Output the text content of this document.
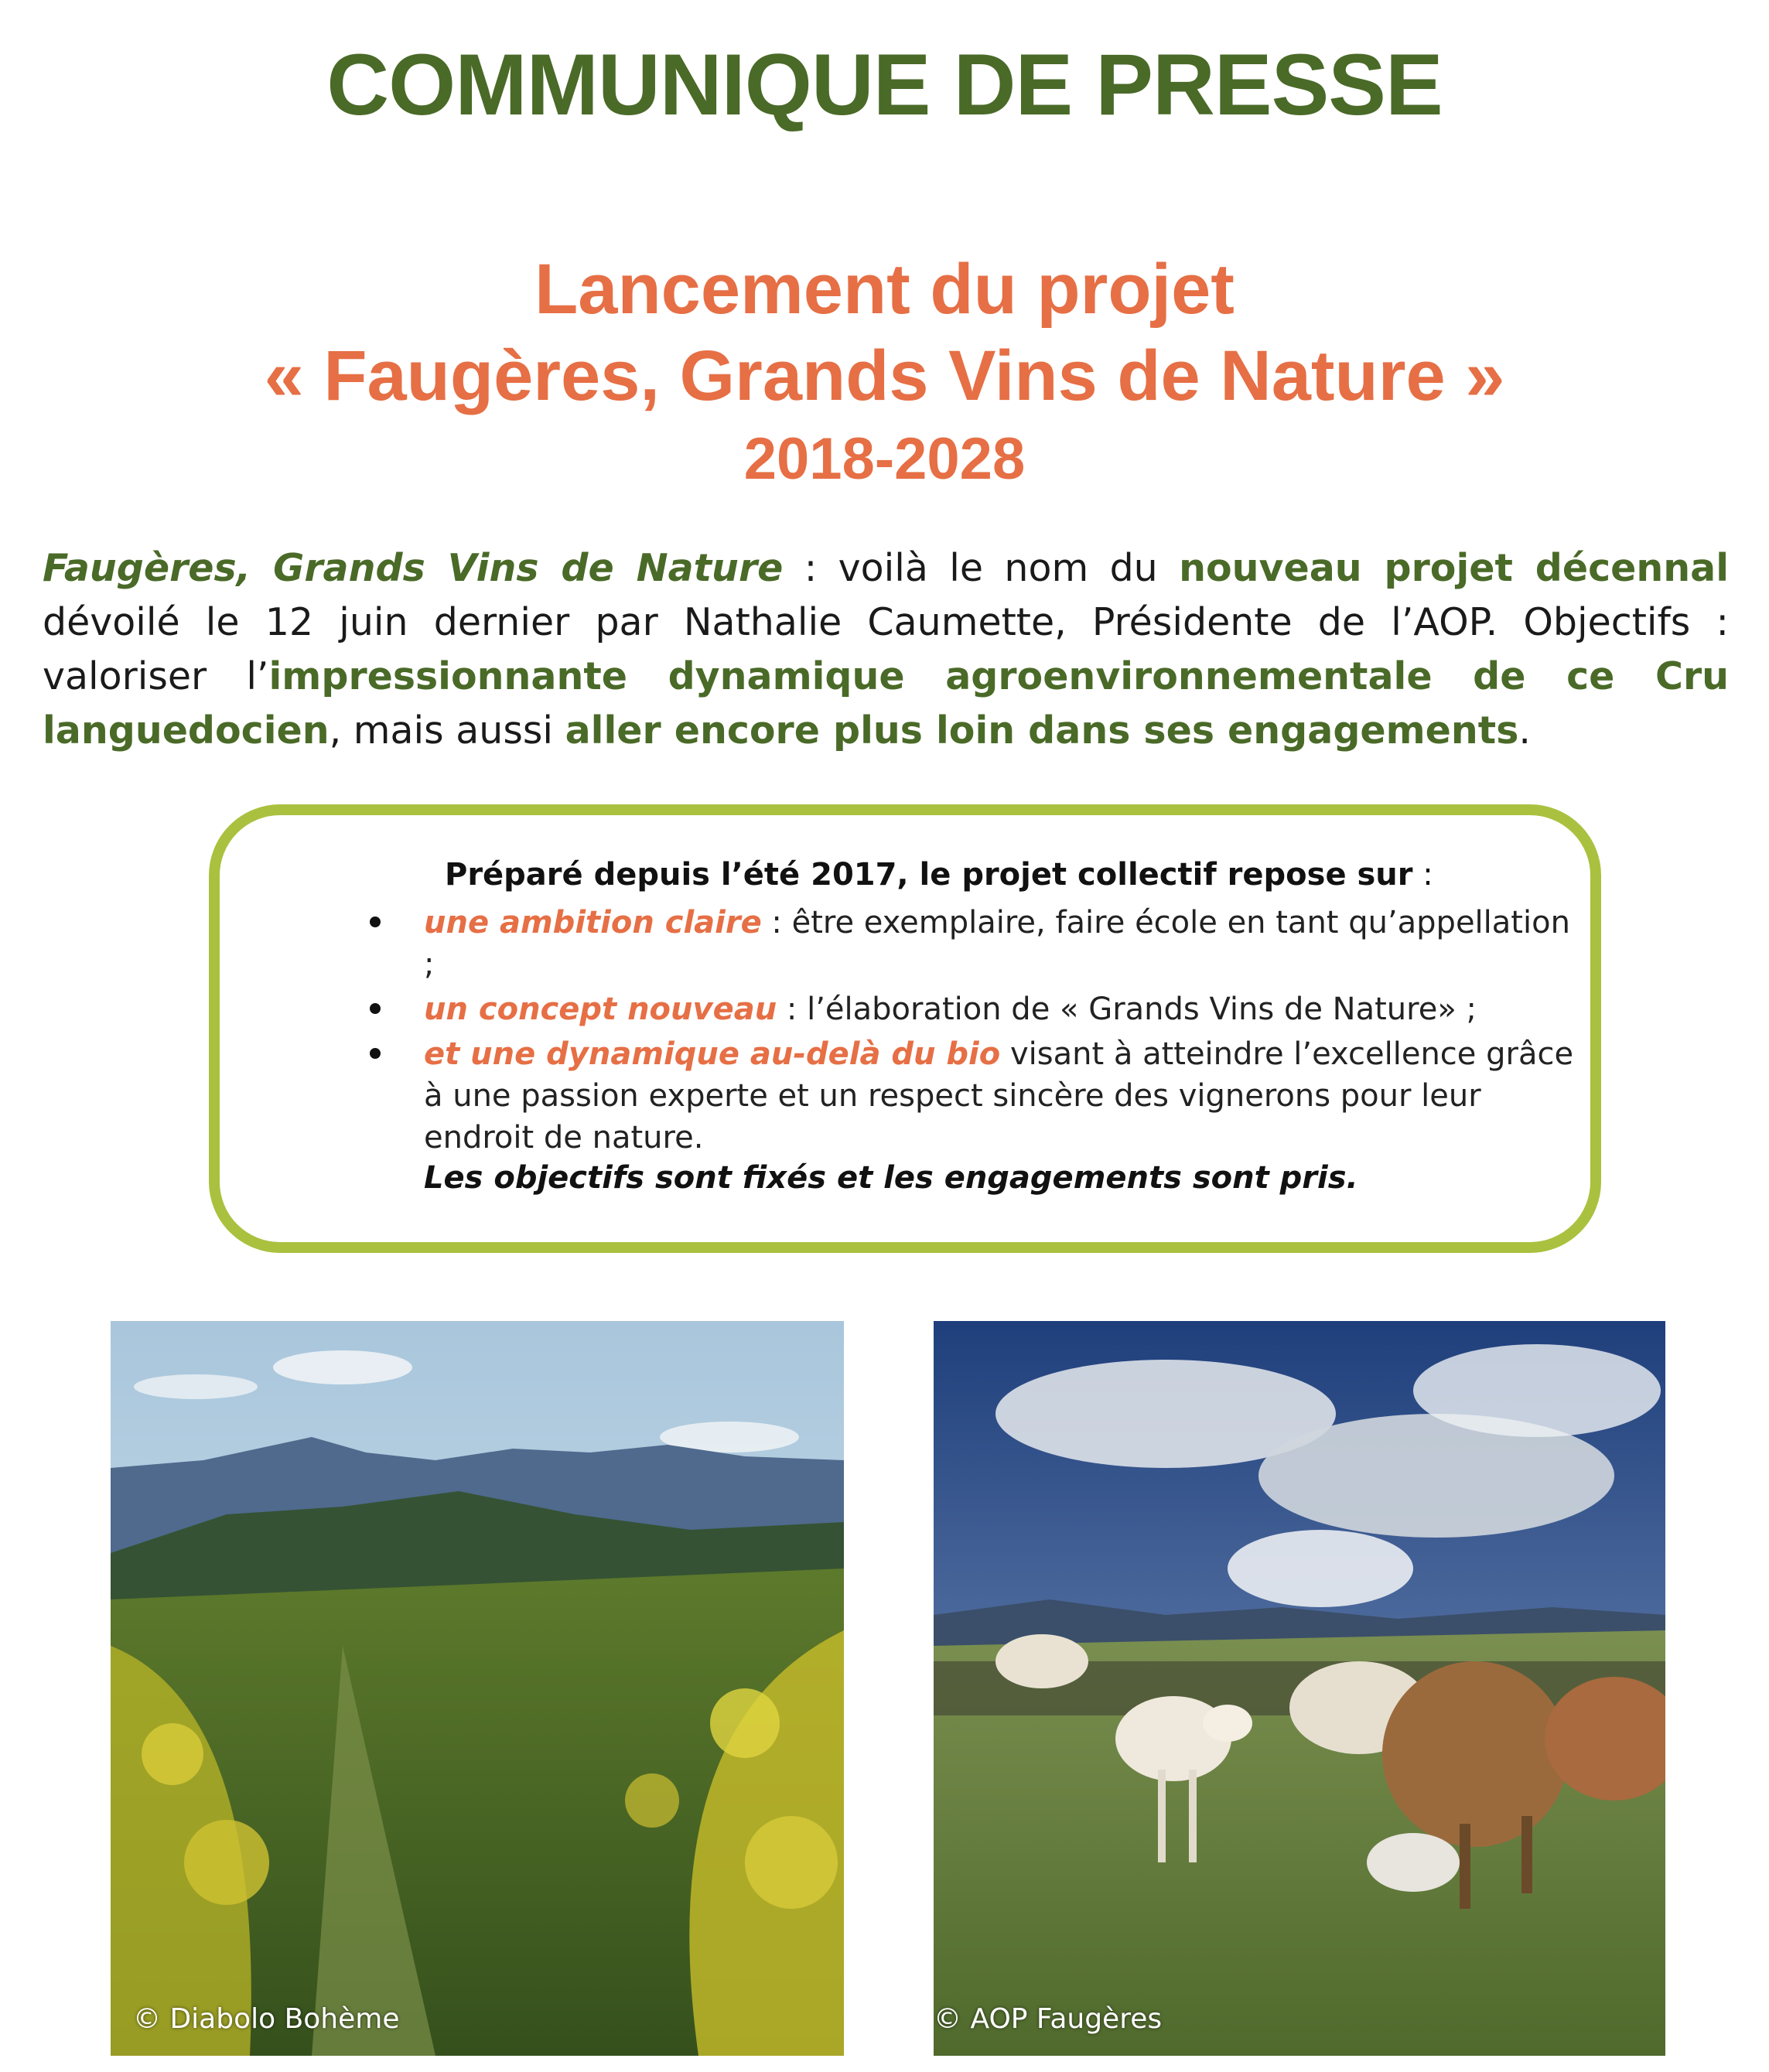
COMMUNIQUE DE PRESSE
Lancement du projet
« Faugères, Grands Vins de Nature »
2018-2028
Faugères, Grands Vins de Nature : voilà le nom du nouveau projet décennal dévoilé le 12 juin dernier par Nathalie Caumette, Présidente de l’AOP. Objectifs : valoriser l’impressionnante dynamique agroenvironnementale de ce Cru languedocien, mais aussi aller encore plus loin dans ses engagements.
Préparé depuis l’été 2017, le projet collectif repose sur :
une ambition claire : être exemplaire, faire école en tant qu’appellation ;
un concept nouveau : l’élaboration de « Grands Vins de Nature» ;
et une dynamique au-delà du bio visant à atteindre l’excellence grâce à une passion experte et un respect sincère des vignerons pour leur endroit de nature.
Les objectifs sont fixés et les engagements sont pris.
© Diabolo Bohème	© AOP Faugères
